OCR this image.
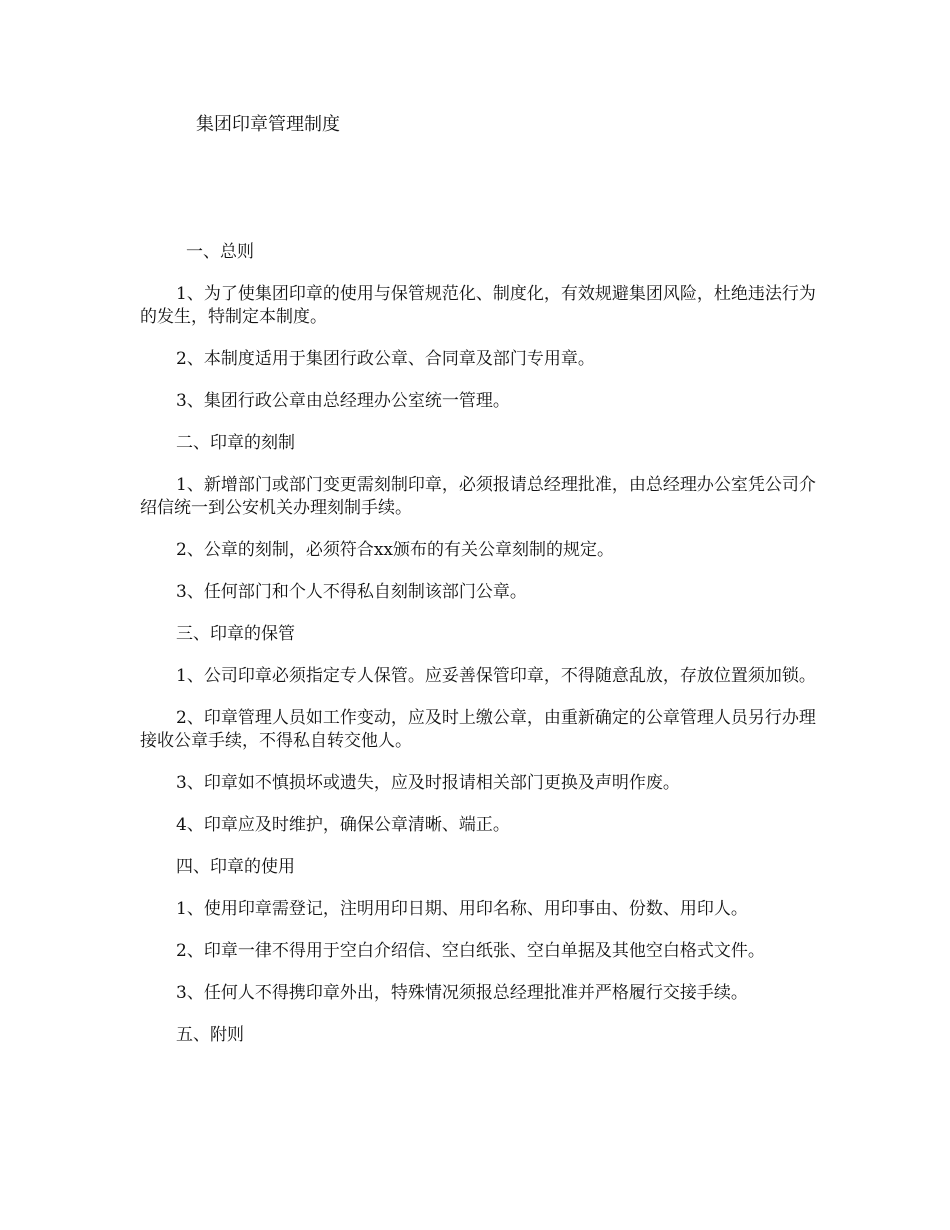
集团印章管理制度
一、总则

1、为了使集团印章的使用与保管规范化、制度化，有效规避集团风险，杜绝违法行为的发生，特制定本制度。

2、本制度适用于集团行政公章、合同章及部门专用章。

3、集团行政公章由总经理办公室统一管理。

二、印章的刻制

1、新增部门或部门变更需刻制印章，必须报请总经理批准，由总经理办公室凭公司介绍信统一到公安机关办理刻制手续。

2、公章的刻制，必须符合xx颁布的有关公章刻制的规定。

3、任何部门和个人不得私自刻制该部门公章。

三、印章的保管

1、公司印章必须指定专人保管。应妥善保管印章，不得随意乱放，存放位置须加锁。

2、印章管理人员如工作变动，应及时上缴公章，由重新确定的公章管理人员另行办理接收公章手续，不得私自转交他人。

3、印章如不慎损坏或遗失，应及时报请相关部门更换及声明作废。

4、印章应及时维护，确保公章清晰、端正。

四、印章的使用

1、使用印章需登记，注明用印日期、用印名称、用印事由、份数、用印人。

2、印章一律不得用于空白介绍信、空白纸张、空白单据及其他空白格式文件。

3、任何人不得携印章外出，特殊情况须报总经理批准并严格履行交接手续。

五、附则
